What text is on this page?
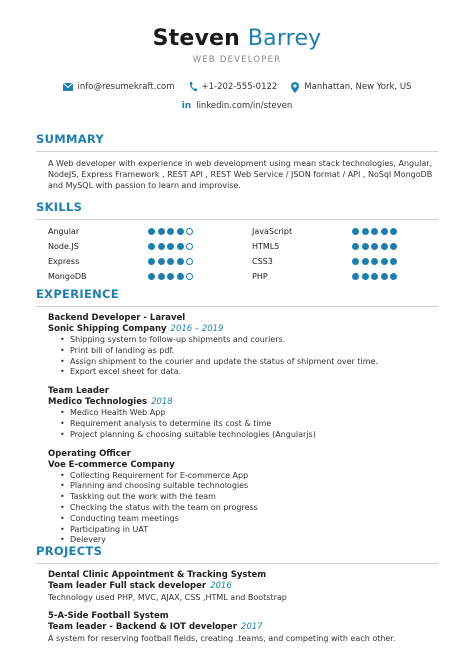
Steven Barrey
WEB DEVELOPER
info@resumekraft.com	+1-202-555-0122	Manhattan, New York, US
in linkedin.com/in/steven
SUMMARY
A Web developer with experience in web development using mean stack technologies, Angular, NodeJS, Express Framework , REST API , REST Web Service / JSON format / API , NoSql MongoDB and MySQL with passion to learn and improvise.
SKILLS
Angular	JavaScript
Node.JS	HTML5
Express	CSS3
MongoDB	PHP
EXPERIENCE
Backend Developer - Laravel
Sonic Shipping Company 2016 – 2019
• Shipping system to follow-up shipments and couriers.
• Print bill of landing as pdf.
• Assign shipment to the courier and update the status of shipment over time.
• Export excel sheet for data.
Team Leader
Medico Technologies 2018
• Medico Health Web App
• Requirement analysis to determine its cost & time
• Project planning & choosing suitable technologies (Angularjs)
Operating Officer
Voe E-commerce Company
• Collecting Requirement for E-commerce App
• Planning and choosing suitable technologies
• Taskking out the work with the team
• Checking the status with the team on progress
• Conducting team meetings
• Participating in UAT
• Delevery
PROJECTS
Dental Clinic Appointment & Tracking System
Team leader Full stack developer 2016
Technology used PHP, MVC, AJAX, CSS ,HTML and Bootstrap
5-A-Side Football System
Team leader - Backend & IOT developer 2017
A system for reserving football fields, creating .teams, and competing with each other.
